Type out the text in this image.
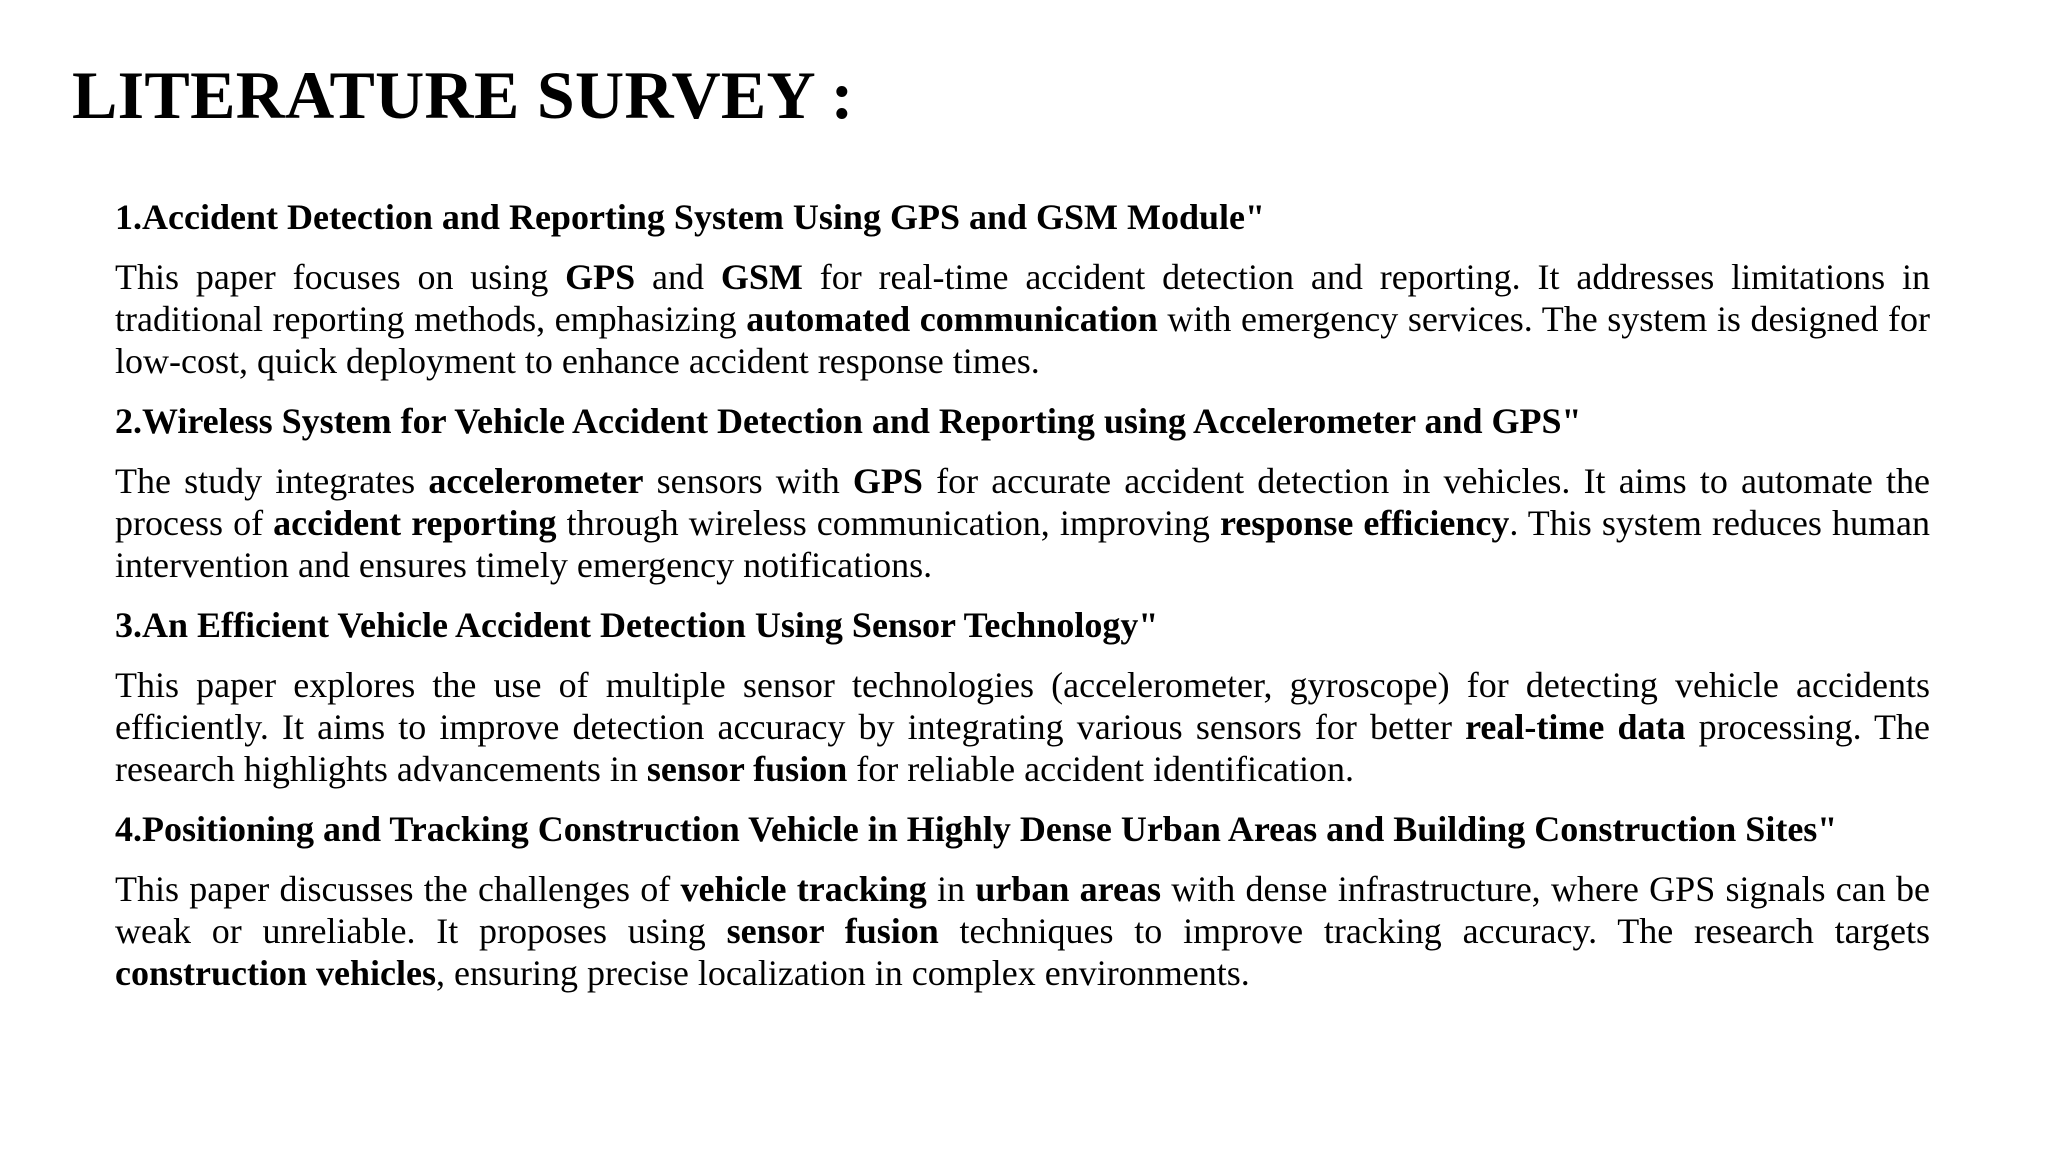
LITERATURE SURVEY :

1.Accident Detection and Reporting System Using GPS and GSM Module"

This paper focuses on using GPS and GSM for real-time accident detection and reporting. It addresses limitations in traditional reporting methods, emphasizing automated communication with emergency services. The system is designed for low-cost, quick deployment to enhance accident response times.

2.Wireless System for Vehicle Accident Detection and Reporting using Accelerometer and GPS"

The study integrates accelerometer sensors with GPS for accurate accident detection in vehicles. It aims to automate the process of accident reporting through wireless communication, improving response efficiency. This system reduces human intervention and ensures timely emergency notifications.

3.An Efficient Vehicle Accident Detection Using Sensor Technology"

This paper explores the use of multiple sensor technologies (accelerometer, gyroscope) for detecting vehicle accidents efficiently. It aims to improve detection accuracy by integrating various sensors for better real-time data processing. The research highlights advancements in sensor fusion for reliable accident identification.

4.Positioning and Tracking Construction Vehicle in Highly Dense Urban Areas and Building Construction Sites"

This paper discusses the challenges of vehicle tracking in urban areas with dense infrastructure, where GPS signals can be weak or unreliable. It proposes using sensor fusion techniques to improve tracking accuracy. The research targets construction vehicles, ensuring precise localization in complex environments.
